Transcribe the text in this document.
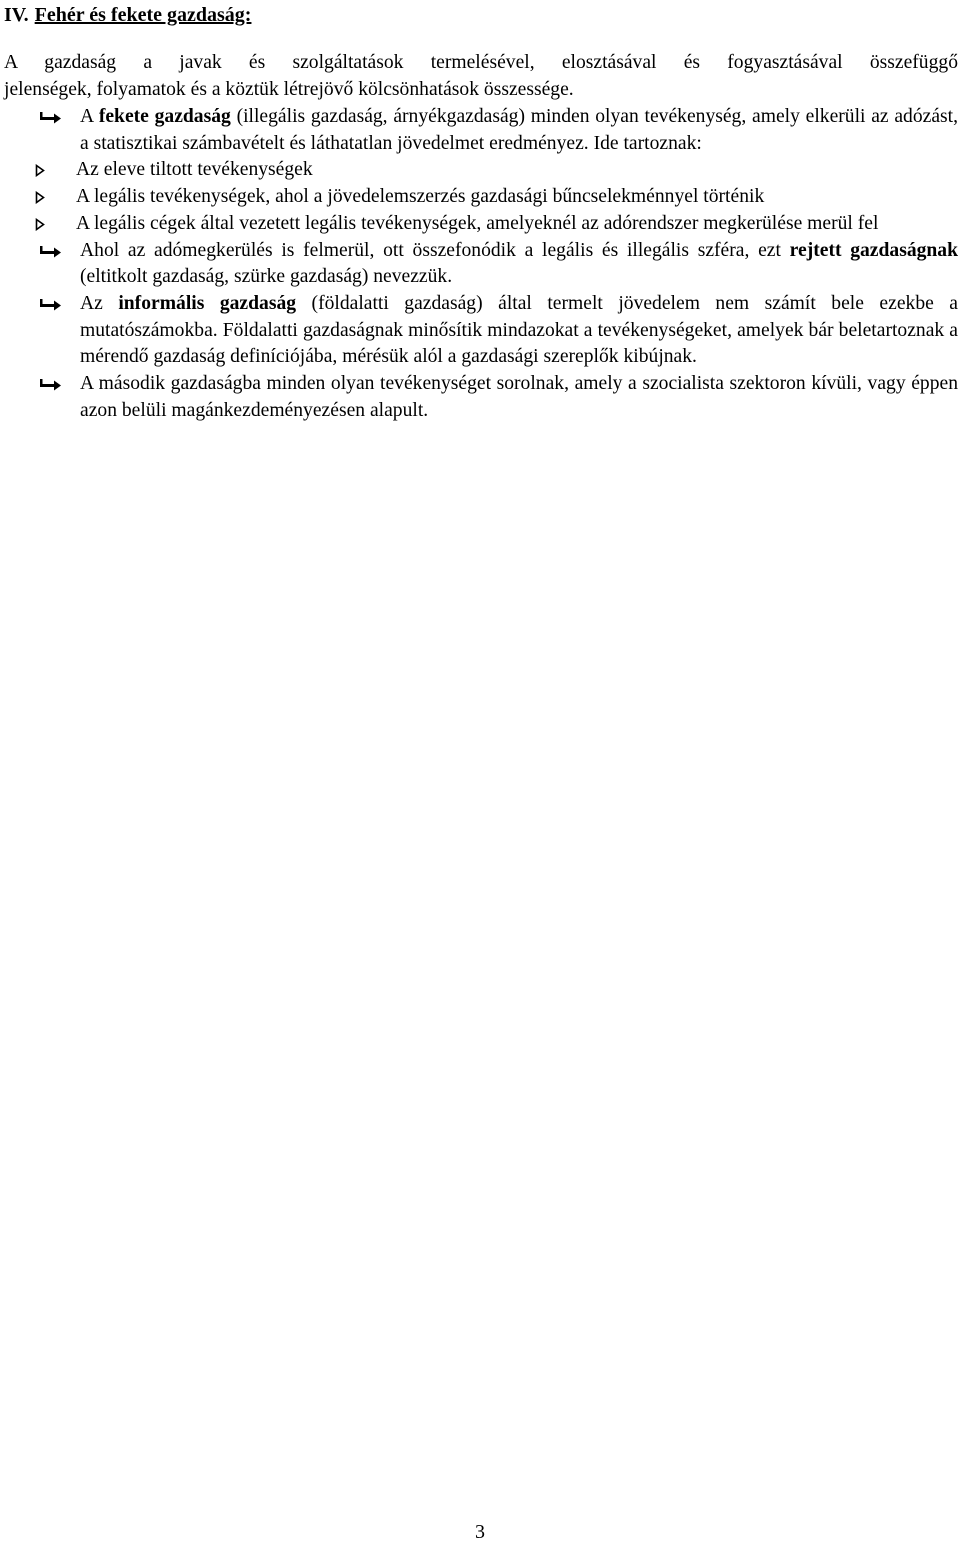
IV. Fehér és fekete gazdaság:
A gazdaság a javak és szolgáltatások termelésével, elosztásával és fogyasztásával összefüggő
jelenségek, folyamatok és a köztük létrejövő kölcsönhatások összessége.
A fekete gazdaság (illegális gazdaság, árnyékgazdaság) minden olyan tevékenység, amely elkerüli az adózást, a statisztikai számbavételt és láthatatlan jövedelmet eredményez. Ide tartoznak:
Az eleve tiltott tevékenységek
A legális tevékenységek, ahol a jövedelemszerzés gazdasági bűncselekménnyel történik
A legális cégek által vezetett legális tevékenységek, amelyeknél az adórendszer megkerülése merül fel
Ahol az adómegkerülés is felmerül, ott összefonódik a legális és illegális szféra, ezt rejtett gazdaságnak (eltitkolt gazdaság, szürke gazdaság) nevezzük.
Az informális gazdaság (földalatti gazdaság) által termelt jövedelem nem számít bele ezekbe a mutatószámokba. Földalatti gazdaságnak minősítik mindazokat a tevékenységeket, amelyek bár beletartoznak a mérendő gazdaság definíciójába, mérésük alól a gazdasági szereplők kibújnak.
A második gazdaságba minden olyan tevékenységet sorolnak, amely a szocialista szektoron kívüli, vagy éppen azon belüli magánkezdeményezésen alapult.
3
